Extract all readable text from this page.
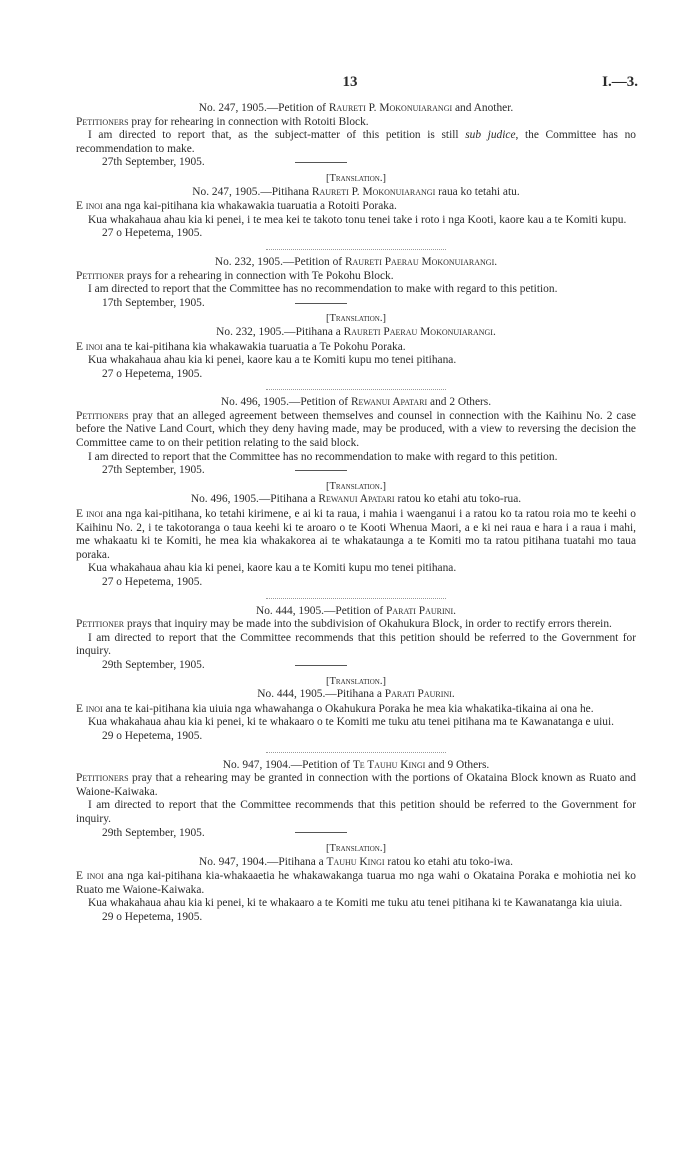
13	I.—3.

No. 247, 1905.—Petition of Raureti P. Mokonuiarangi and Another.

Petitioners pray for rehearing in connection with Rotoiti Block.

I am directed to report that, as the subject-matter of this petition is still sub judice, the Committee has no recommendation to make.

27th September, 1905.

[Translation.]

No. 247, 1905.—Pitihana Raureti P. Mokonuiarangi raua ko tetahi atu.

E inoi ana nga kai-pitihana kia whakawakia tuaruatia a Rotoiti Poraka.

Kua whakahaua ahau kia ki penei, i te mea kei te takoto tonu tenei take i roto i nga Kooti, kaore kau a te Komiti kupu.

27 o Hepetema, 1905.

No. 232, 1905.—Petition of Raureti Paerau Mokonuiarangi.

Petitioner prays for a rehearing in connection with Te Pokohu Block.

I am directed to report that the Committee has no recommendation to make with regard to this petition.

17th September, 1905.

[Translation.]

No. 232, 1905.—Pitihana a Raureti Paerau Mokonuiarangi.

E inoi ana te kai-pitihana kia whakawakia tuaruatia a Te Pokohu Poraka.

Kua whakahaua ahau kia ki penei, kaore kau a te Komiti kupu mo tenei pitihana.

27 o Hepetema, 1905.

No. 496, 1905.—Petition of Rewanui Apatari and 2 Others.

Petitioners pray that an alleged agreement between themselves and counsel in connection with the Kaihinu No. 2 case before the Native Land Court, which they deny having made, may be produced, with a view to reversing the decision the Committee came to on their petition relating to the said block.

I am directed to report that the Committee has no recommendation to make with regard to this petition.

27th September, 1905.

[Translation.]

No. 496, 1905.—Pitihana a Rewanui Apatari ratou ko etahi atu toko-rua.

E inoi ana nga kai-pitihana, ko tetahi kirimene, e ai ki ta raua, i mahia i waenganui i a ratou ko ta ratou roia mo te keehi o Kaihinu No. 2, i te takotoranga o taua keehi ki te aroaro o te Kooti Whenua Maori, a e ki nei raua e hara i a raua i mahi, me whakaatu ki te Komiti, he mea kia whakakorea ai te whakataunga a te Komiti mo ta ratou pitihana tuatahi mo taua poraka.

Kua whakahaua ahau kia ki penei, kaore kau a te Komiti kupu mo tenei pitihana.

27 o Hepetema, 1905.

No. 444, 1905.—Petition of Parati Paurini.

Petitioner prays that inquiry may be made into the subdivision of Okahukura Block, in order to rectify errors therein.

I am directed to report that the Committee recommends that this petition should be referred to the Government for inquiry.

29th September, 1905.

[Translation.]

No. 444, 1905.—Pitihana a Parati Paurini.

E inoi ana te kai-pitihana kia uiuia nga whawahanga o Okahukura Poraka he mea kia whakatika-tikaina ai ona he.

Kua whakahaua ahau kia ki penei, ki te whakaaro o te Komiti me tuku atu tenei pitihana ma te Kawanatanga e uiui.

29 o Hepetema, 1905.

No. 947, 1904.—Petition of Te Tauhu Kingi and 9 Others.

Petitioners pray that a rehearing may be granted in connection with the portions of Okataina Block known as Ruato and Waione-Kaiwaka.

I am directed to report that the Committee recommends that this petition should be referred to the Government for inquiry.

29th September, 1905.

[Translation.]

No. 947, 1904.—Pitihana a Tauhu Kingi ratou ko etahi atu toko-iwa.

E inoi ana nga kai-pitihana kia-whakaaetia he whakawakanga tuarua mo nga wahi o Okataina Poraka e mohiotia nei ko Ruato me Waione-Kaiwaka.

Kua whakahaua ahau kia ki penei, ki te whakaaro a te Komiti me tuku atu tenei pitihana ki te Kawanatanga kia uiuia.

29 o Hepetema, 1905.
